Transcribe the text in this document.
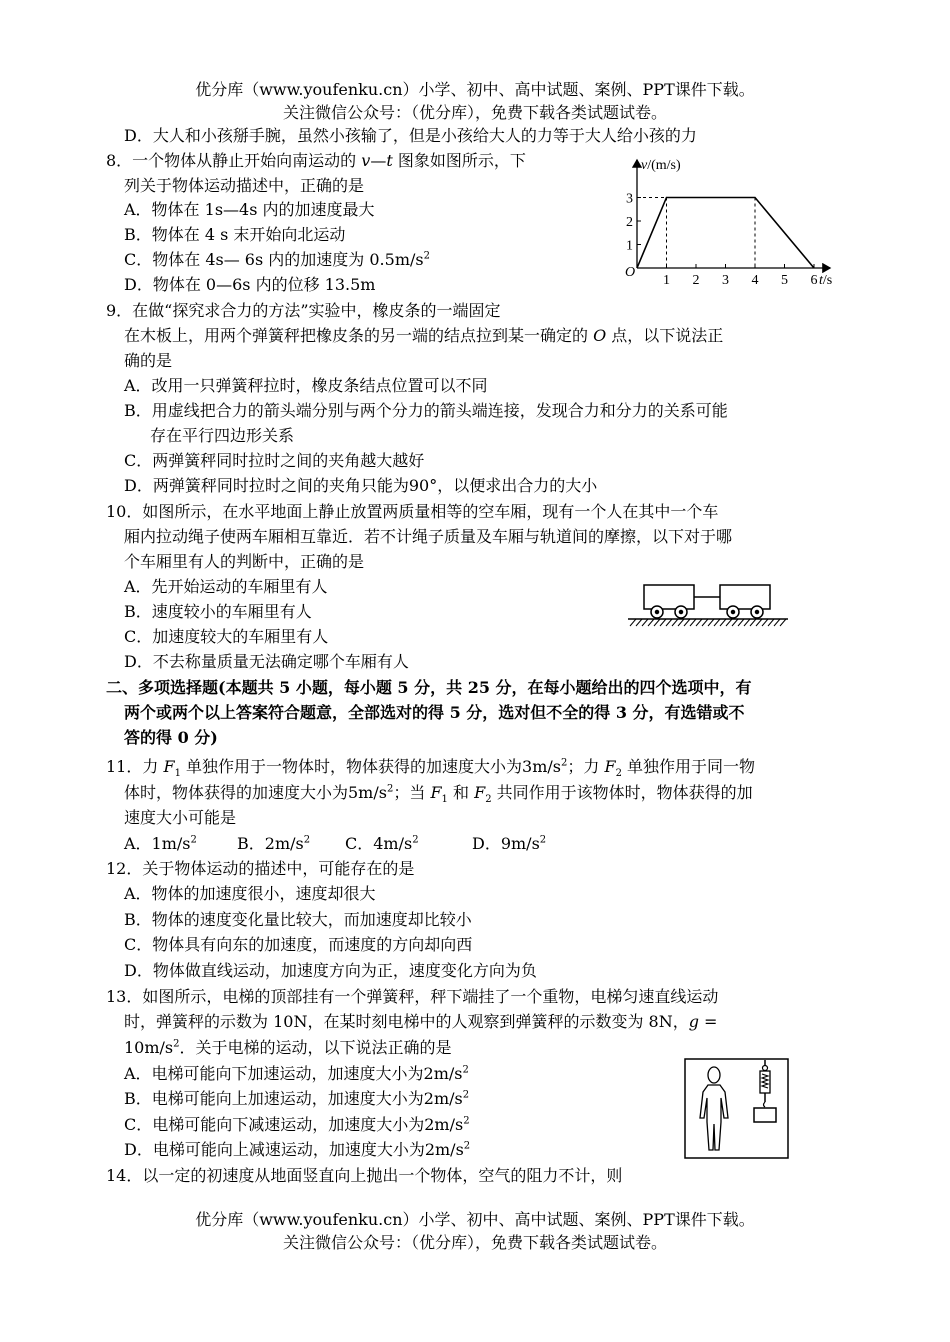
优分库（www.youfenku.cn）小学、初中、高中试题、案例、PPT课件下载。
关注微信公众号：（优分库），免费下载各类试题试卷。
D．大人和小孩掰手腕，虽然小孩输了，但是小孩给大人的力等于大人给小孩的力
8．一个物体从静止开始向南运动的 v—t 图象如图所示，下
列关于物体运动描述中，正确的是
A．物体在 1s—4s 内的加速度最大
B．物体在 4 s 末开始向北运动
C．物体在 4s— 6s 内的加速度为 $0.5m/s^2$
D．物体在 0—6s 内的位移 13.5m
v/(m/s)
t/s
O
1 2 3 4 5 6
1
2
3
9．在做“探究求合力的方法”实验中，橡皮条的一端固定
在木板上，用两个弹簧秤把橡皮条的另一端的结点拉到某一确定的 O 点，以下说法正
确的是
A．改用一只弹簧秤拉时，橡皮条结点位置可以不同
B．用虚线把合力的箭头端分别与两个分力的箭头端连接，发现合力和分力的关系可能
存在平行四边形关系
C．两弹簧秤同时拉时之间的夹角越大越好
D．两弹簧秤同时拉时之间的夹角只能为90°，以便求出合力的大小
10．如图所示，在水平地面上静止放置两质量相等的空车厢，现有一个人在其中一个车
厢内拉动绳子使两车厢相互靠近．若不计绳子质量及车厢与轨道间的摩擦，以下对于哪
个车厢里有人的判断中，正确的是
A．先开始运动的车厢里有人
B．速度较小的车厢里有人
C．加速度较大的车厢里有人
D．不去称量质量无法确定哪个车厢有人
二、多项选择题(本题共 5 小题，每小题 5 分，共 25 分，在每小题给出的四个选项中，有
两个或两个以上答案符合题意，全部选对的得 5 分，选对但不全的得 3 分，有选错或不
答的得 0 分)
11．力 $F_1$ 单独作用于一物体时，物体获得的加速度大小为$3m/s^2$；力 $F_2$ 单独作用于同一物
体时，物体获得的加速度大小为$5m/s^2$；当 $F_1$ 和 $F_2$ 共同作用于该物体时，物体获得的加
速度大小可能是
A．$1m/s^2$	B．$2m/s^2$ C．$4m/s^2$	D．$9m/s^2$
12．关于物体运动的描述中，可能存在的是
A．物体的加速度很小，速度却很大
B．物体的速度变化量比较大，而加速度却比较小
C．物体具有向东的加速度，而速度的方向却向西
D．物体做直线运动，加速度方向为正，速度变化方向为负
13．如图所示，电梯的顶部挂有一个弹簧秤，秤下端挂了一个重物，电梯匀速直线运动
时，弹簧秤的示数为 10N，在某时刻电梯中的人观察到弹簧秤的示数变为 8N，g =
$10m/s^2$．关于电梯的运动，以下说法正确的是
A．电梯可能向下加速运动，加速度大小为$2m/s^2$
B．电梯可能向上加速运动，加速度大小为$2m/s^2$
C．电梯可能向下减速运动，加速度大小为$2m/s^2$
D．电梯可能向上减速运动，加速度大小为$2m/s^2$
14．以一定的初速度从地面竖直向上抛出一个物体，空气的阻力不计，则
优分库（www.youfenku.cn）小学、初中、高中试题、案例、PPT课件下载。
关注微信公众号：（优分库），免费下载各类试题试卷。
